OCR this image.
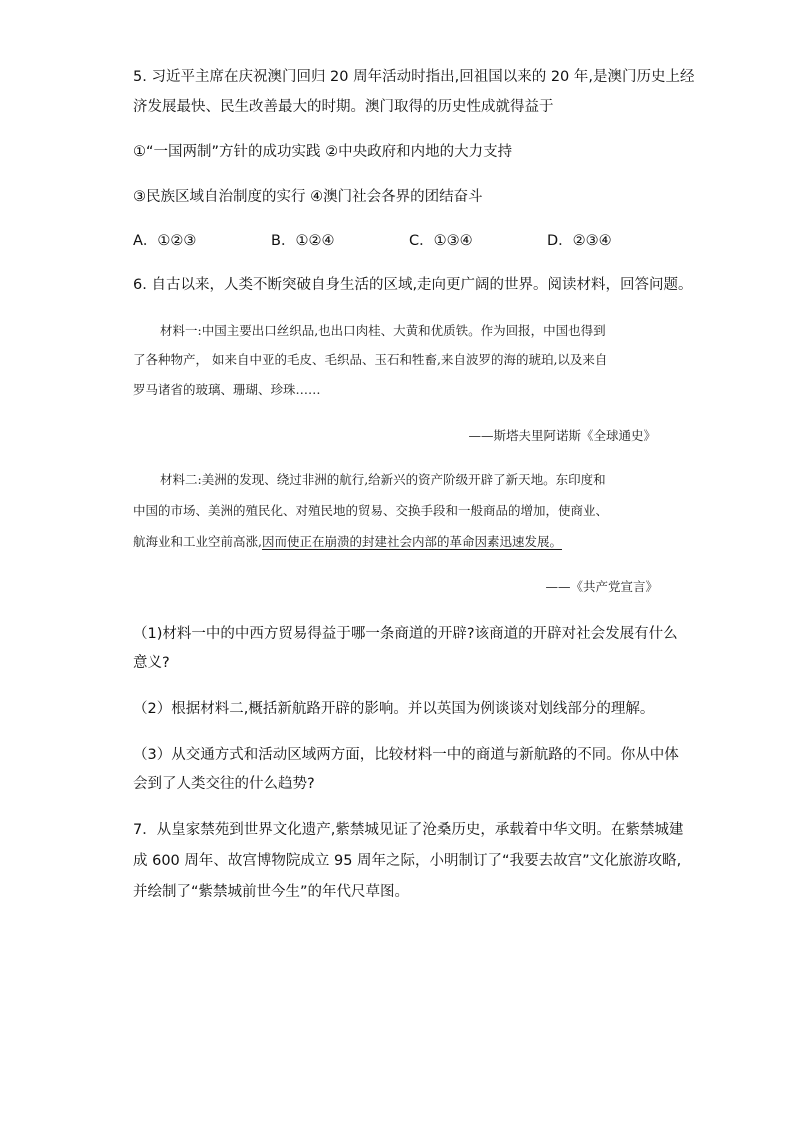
5. 习近平主席在庆祝澳门回归 20 周年活动时指出,回祖国以来的 20 年,是澳门历史上经
济发展最快、民生改善最大的时期。澳门取得的历史性成就得益于
①“一国两制”方针的成功实践 ②中央政府和内地的大力支持
③民族区域自治制度的实行 ④澳门社会各界的团结奋斗
A．①②③	B．①②④	C．①③④	D．②③④
6. 自古以来，人类不断突破自身生活的区域,走向更广阔的世界。阅读材料，回答问题。
材料一:中国主要出口丝织品,也出口肉桂、大黄和优质铁。作为回报，中国也得到
了各种物产， 如来自中亚的毛皮、毛织品、玉石和牲畜,来自波罗的海的琥珀,以及来自
罗马诸省的玻璃、珊瑚、珍珠……
——斯塔夫里阿诺斯《全球通史》
材料二:美洲的发现、绕过非洲的航行,给新兴的资产阶级开辟了新天地。东印度和
中国的市场、美洲的殖民化、对殖民地的贸易、交换手段和一般商品的增加，使商业、
航海业和工业空前高涨,因而使正在崩溃的封建社会内部的革命因素迅速发展。
——《共产党宣言》
（1)材料一中的中西方贸易得益于哪一条商道的开辟?该商道的开辟对社会发展有什么
意义?
（2）根据材料二,概括新航路开辟的影响。并以英国为例谈谈对划线部分的理解。
（3）从交通方式和活动区域两方面，比较材料一中的商道与新航路的不同。你从中体
会到了人类交往的什么趋势?
7．从皇家禁苑到世界文化遗产,紫禁城见证了沧桑历史，承载着中华文明。在紫禁城建
成 600 周年、故宫博物院成立 95 周年之际，小明制订了“我要去故宫”文化旅游攻略,
并绘制了“紫禁城前世今生”的年代尺草图。
